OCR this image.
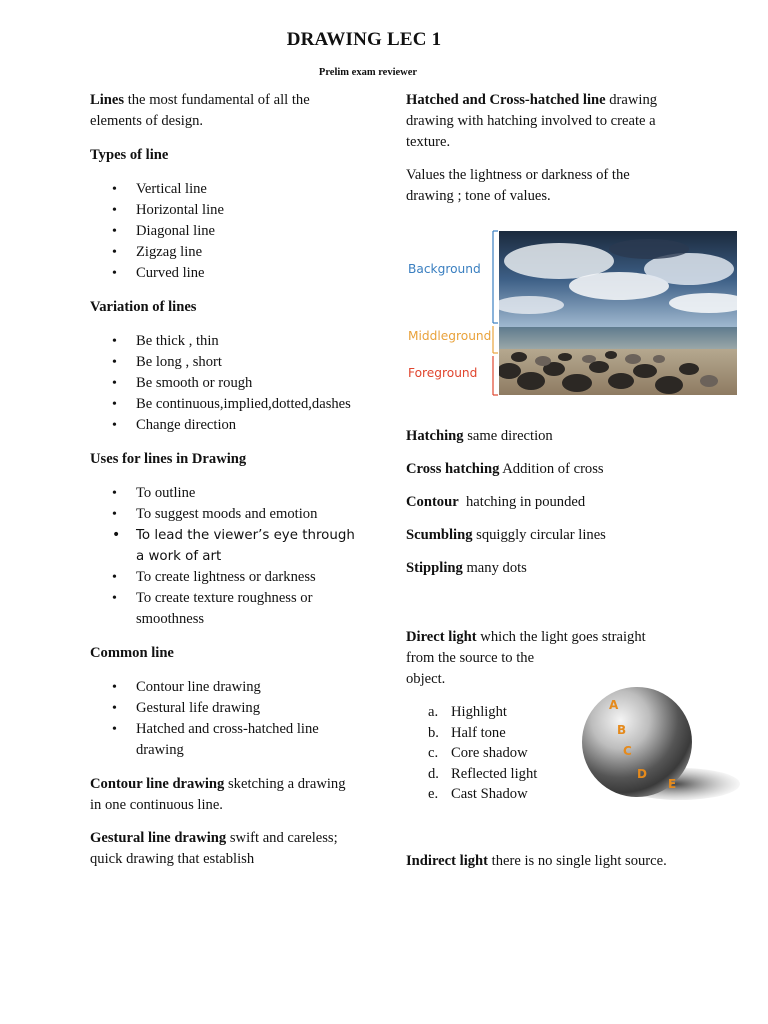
DRAWING LEC 1
Prelim exam reviewer

Lines the most fundamental of all the elements of design.

Types of line

• Vertical line
• Horizontal line
• Diagonal line
• Zigzag line
• Curved line

Variation of lines

• Be thick , thin
• Be long , short
• Be smooth or rough
• Be continuous,implied,dotted,dashes
• Change direction

Uses for lines in Drawing

• To outline
• To suggest moods and emotion
• To lead the viewer’s eye through a work of art
• To create lightness or darkness
• To create texture roughness or smoothness

Common line

• Contour line drawing
• Gestural life drawing
• Hatched and cross-hatched line drawing

Contour line drawing sketching a drawing in one continuous line.

Gestural line drawing swift and careless; quick drawing that establish

Hatched and Cross-hatched line drawing drawing with hatching involved to create a texture.

Values the lightness or darkness of the drawing ; tone of values.

Background
Middleground
Foreground

Hatching same direction

Cross hatching Addition of cross

Contour  hatching in pounded

Scumbling squiggly circular lines

Stippling many dots

Direct light which the light goes straight from the source to the

object.

a. Highlight
b. Half tone
c. Core shadow
d. Reflected light
e. Cast Shadow
A
B
C
D
E

Indirect light there is no single light source.
